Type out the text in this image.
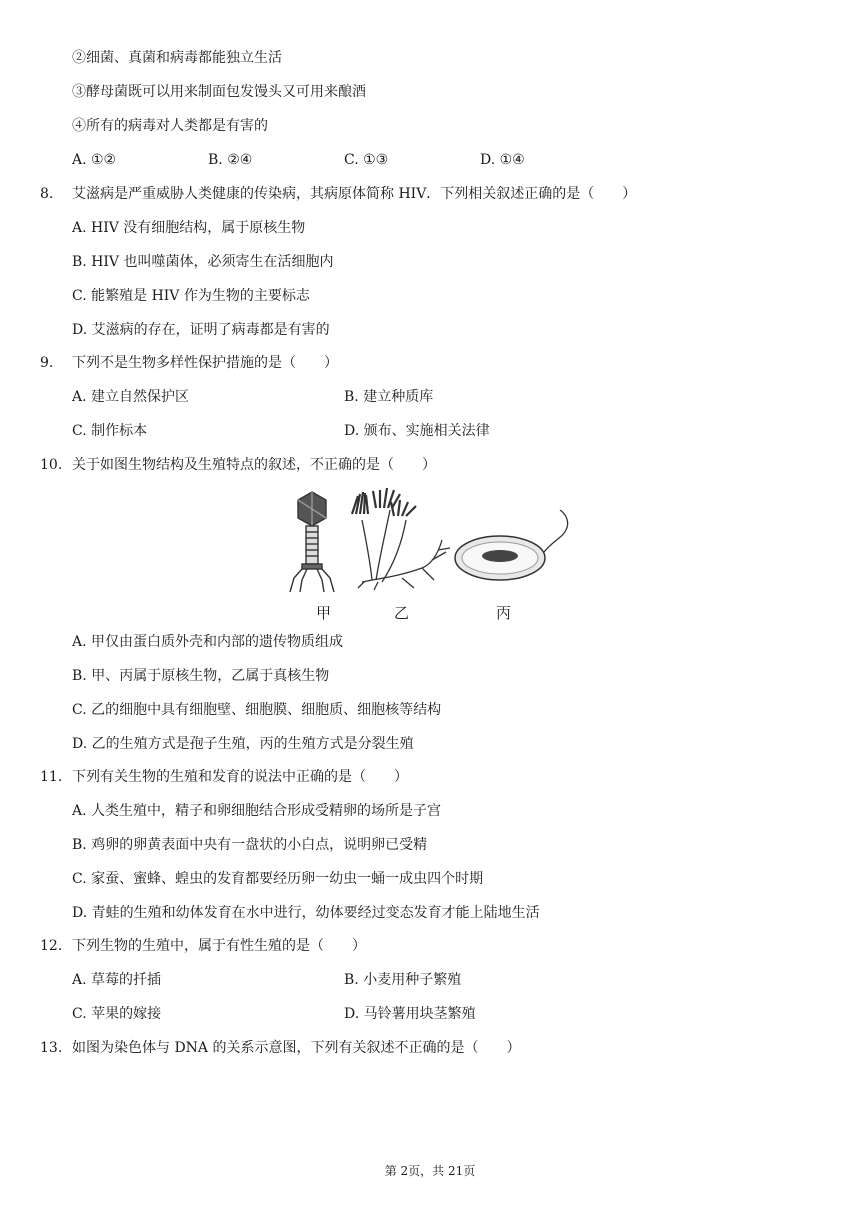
②细菌、真菌和病毒都能独立生活
③酵母菌既可以用来制面包发馒头又可用来酿酒
④所有的病毒对人类都是有害的
A. ①②	B. ②④	C. ①③	D. ①④
8. 艾滋病是严重威胁人类健康的传染病，其病原体简称 HIV．下列相关叙述正确的是（　　）
A. HIV 没有细胞结构，属于原核生物
B. HIV 也叫噬菌体，必须寄生在活细胞内
C. 能繁殖是 HIV 作为生物的主要标志
D. 艾滋病的存在，证明了病毒都是有害的
9. 下列不是生物多样性保护措施的是（　　）
A. 建立自然保护区	B. 建立种质库
C. 制作标本	D. 颁布、实施相关法律
10. 关于如图生物结构及生殖特点的叙述，不正确的是（　　）
甲	乙	丙
A. 甲仅由蛋白质外壳和内部的遗传物质组成
B. 甲、丙属于原核生物，乙属于真核生物
C. 乙的细胞中具有细胞壁、细胞膜、细胞质、细胞核等结构
D. 乙的生殖方式是孢子生殖，丙的生殖方式是分裂生殖
11. 下列有关生物的生殖和发育的说法中正确的是（　　）
A. 人类生殖中，精子和卵细胞结合形成受精卵的场所是子宫
B. 鸡卵的卵黄表面中央有一盘状的小白点，说明卵已受精
C. 家蚕、蜜蜂、蝗虫的发育都要经历卵一幼虫一蛹一成虫四个时期
D. 青蛙的生殖和幼体发育在水中进行，幼体要经过变态发育才能上陆地生活
12. 下列生物的生殖中，属于有性生殖的是（　　）
A. 草莓的扦插	B. 小麦用种子繁殖
C. 苹果的嫁接	D. 马铃薯用块茎繁殖
13. 如图为染色体与 DNA 的关系示意图，下列有关叙述不正确的是（　　）
第 2页，共 21页
